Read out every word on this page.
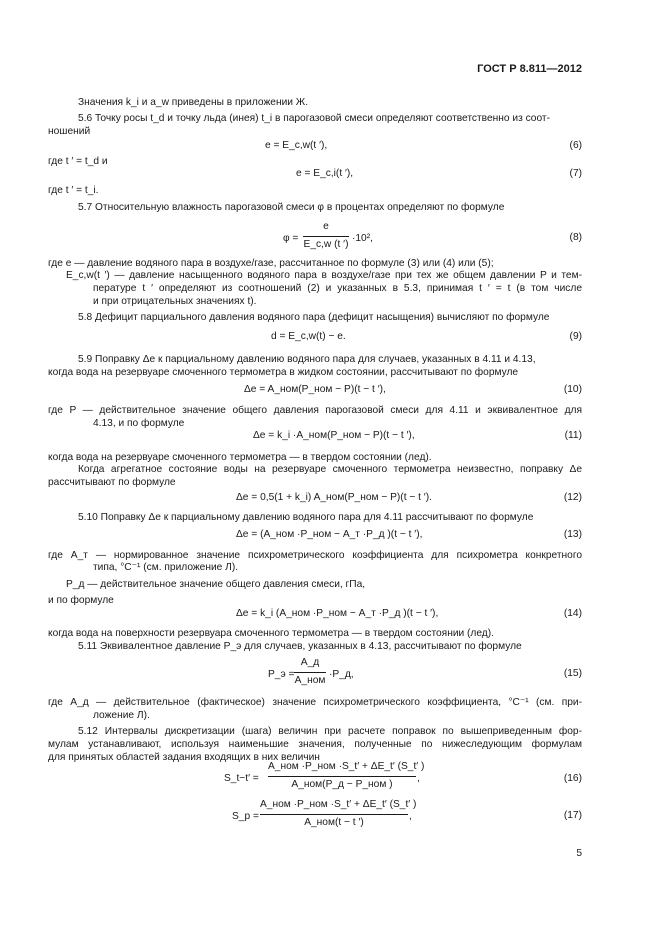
ГОСТ Р 8.811—2012
Значения k_i и a_w приведены в приложении Ж.
5.6 Точку росы t_d и точку льда (инея) t_i в парогазовой смеси определяют соответственно из соот-
ношений
e = E_c,w(t ′),	(6)
где t ′ = t_d и
e = E_c,i(t ′),	(7)
где t ′ = t_i.
5.7 Относительную влажность парогазовой смеси φ в процентах определяют по формуле
φ =
e
E_c,w (t ′)
·10²,	(8)
где e — давление водяного пара в воздухе/газе, рассчитанное по формуле (3) или (4) или (5);
E_c,w(t ′) — давление насыщенного водяного пара в воздухе/газе при тех же общем давлении P и тем-
пературе t ′ определяют из соотношений (2) и указанных в 5.3, принимая t ′ = t (в том числе
и при отрицательных значениях t).
5.8 Дефицит парциального давления водяного пара (дефицит насыщения) вычисляют по формуле
d = E_c,w(t) − e.	(9)
5.9 Поправку Δe к парциальному давлению водяного пара для случаев, указанных в 4.11 и 4.13,
когда вода на резервуаре смоченного термометра в жидком состоянии, рассчитывают по формуле
Δe = A_ном(P_ном − P)(t − t ′),	(10)
где P — действительное значение общего давления парогазовой смеси для 4.11 и эквивалентное для
4.13, и по формуле
Δe = k_i ·A_ном(P_ном − P)(t − t ′),	(11)
когда вода на резервуаре смоченного термометра — в твердом состоянии (лед).
Когда агрегатное состояние воды на резервуаре смоченного термометра неизвестно, поправку Δe
рассчитывают по формуле
Δe = 0,5(1 + k_i) A_ном(P_ном − P)(t − t ′).	(12)
5.10 Поправку Δe к парциальному давлению водяного пара для 4.11 рассчитывают по формуле
Δe = (A_ном ·P_ном − A_т ·P_д )(t − t ′),	(13)
где A_т — нормированное значение психрометрического коэффициента для психрометра конкретного
типа, °C⁻¹ (см. приложение Л).
P_д — действительное значение общего давления смеси, гПа,
и по формуле
Δe = k_i (A_ном ·P_ном − A_т ·P_д )(t − t ′),	(14)
когда вода на поверхности резервуара смоченного термометра — в твердом состоянии (лед).
5.11 Эквивалентное давление P_э для случаев, указанных в 4.13, рассчитывают по формуле
P_э =
A_д
A_ном
·P_д,	(15)
где A_д — действительное (фактическое) значение психрометрического коэффициента, °C⁻¹ (см. при-
ложение Л).
5.12 Интервалы дискретизации (шага) величин при расчете поправок по вышеприведенным фор-
мулам устанавливают, используя наименьшие значения, полученные по нижеследующим формулам
для принятых областей задания входящих в них величин
S_t−t′ =
A_ном ·P_ном ·S_t′ + ΔE_t′ (S_t′ )
A_ном(P_д − P_ном )
,	(16)
S_p =
A_ном ·P_ном ·S_t′ + ΔE_t′ (S_t′ )
A_ном(t − t ′)
,	(17)
5
